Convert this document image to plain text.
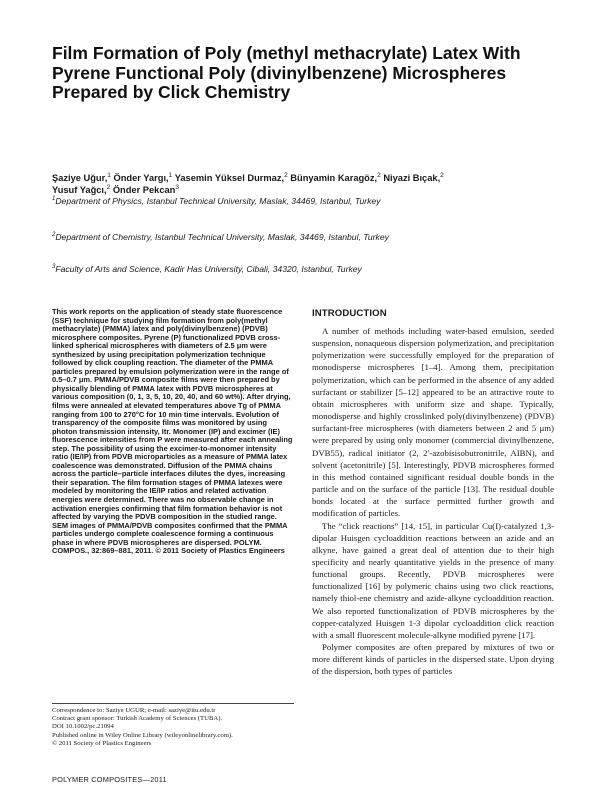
Film Formation of Poly (methyl methacrylate) Latex With Pyrene Functional Poly (divinylbenzene) Microspheres Prepared by Click Chemistry
Şaziye Uğur,$^1$ Önder Yargı,$^1$ Yasemin Yüksel Durmaz,$^2$ Bünyamin Karagöz,$^2$ Niyazi Bıçak,$^2$
Yusuf Yağcı,$^2$ Önder Pekcan$^3$
$^1$Department of Physics, Istanbul Technical University, Maslak, 34469, Istanbul, Turkey
$^2$Department of Chemistry, Istanbul Technical University, Maslak, 34469, Istanbul, Turkey
$^3$Faculty of Arts and Science, Kadir Has University, Cibali, 34320, Istanbul, Turkey

This work reports on the application of steady state fluorescence (SSF) technique for studying film formation from poly(methyl methacrylate) (PMMA) latex and poly(divinylbenzene) (PDVB) microsphere composites. Pyrene (P) functionalized PDVB cross-linked spherical microspheres with diameters of 2.5 μm were synthesized by using precipitation polymerization technique followed by click coupling reaction. The diameter of the PMMA particles prepared by emulsion polymerization were in the range of 0.5–0.7 μm. PMMA/PDVB composite films were then prepared by physically blending of PMMA latex with PDVB microspheres at various composition (0, 1, 3, 5, 10, 20, 40, and 60 wt%). After drying, films were annealed at elevated temperatures above Tg of PMMA ranging from 100 to 270°C for 10 min time intervals. Evolution of transparency of the composite films was monitored by using photon transmission intensity, Itr. Monomer (IP) and excimer (IE) fluorescence intensities from P were measured after each annealing step. The possibility of using the excimer-to-monomer intensity ratio (IE/IP) from PDVB microparticles as a measure of PMMA latex coalescence was demonstrated. Diffusion of the PMMA chains across the particle–particle interfaces dilutes the dyes, increasing their separation. The film formation stages of PMMA latexes were modeled by monitoring the IE/IP ratios and related activation energies were determined. There was no observable change in activation energies confirming that film formation behavior is not affected by varying the PDVB composition in the studied range. SEM images of PMMA/PDVB composites confirmed that the PMMA particles undergo complete coalescence forming a continuous phase in where PDVB microspheres are dispersed. POLYM. COMPOS., 32:869–881, 2011. © 2011 Society of Plastics Engineers

Correspondence to: Saziye UGUR; e-mail: saziye@itu.edu.tr
Contract grant sponsor: Turkish Academy of Sciences (TUBA).
DOI 10.1002/pc.21094
Published online in Wiley Online Library (wileyonlinelibrary.com).
© 2011 Society of Plastics Engineers
INTRODUCTION

A number of methods including water-based emulsion, seeded suspension, nonaqueous dispersion polymerization, and precipitation polymerization were successfully employed for the preparation of monodisperse microspheres [1–4]. Among them, precipitation polymerization, which can be performed in the absence of any added surfactant or stabilizer [5–12] appeared to be an attractive route to obtain microspheres with uniform size and shape. Typically, monodisperse and highly crosslinked poly(divinylbenzene) (PDVB) surfactant-free microspheres (with diameters between 2 and 5 μm) were prepared by using only monomer (commercial divinylbenzene, DVB55), radical initiator (2, 2′-azobisisobutronitrile, AIBN), and solvent (acetonitrile) [5]. Interestingly, PDVB microspheres formed in this method contained significant residual double bonds in the particle and on the surface of the particle [13]. The residual double bonds located at the surface permitted further growth and modification of particles.

The “click reactions” [14, 15], in particular Cu(I)-catalyzed 1,3-dipolar Huisgen cycloaddition reactions between an azide and an alkyne, have gained a great deal of attention due to their high specificity and nearly quantitative yields in the presence of many functional groups. Recently, PDVB microspheres were functionalized [16] by polymeric chains using two click reactions, namely thiol-ene chemistry and azide-alkyne cycloaddition reaction. We also reported functionalization of PDVB microspheres by the copper-catalyzed Huisgen 1-3 dipolar cycloaddition click reaction with a small fluorescent molecule-alkyne modified pyrene [17].

Polymer composites are often prepared by mixtures of two or more different kinds of particles in the dispersed state. Upon drying of the dispersion, both types of particles

POLYMER COMPOSITES—2011
